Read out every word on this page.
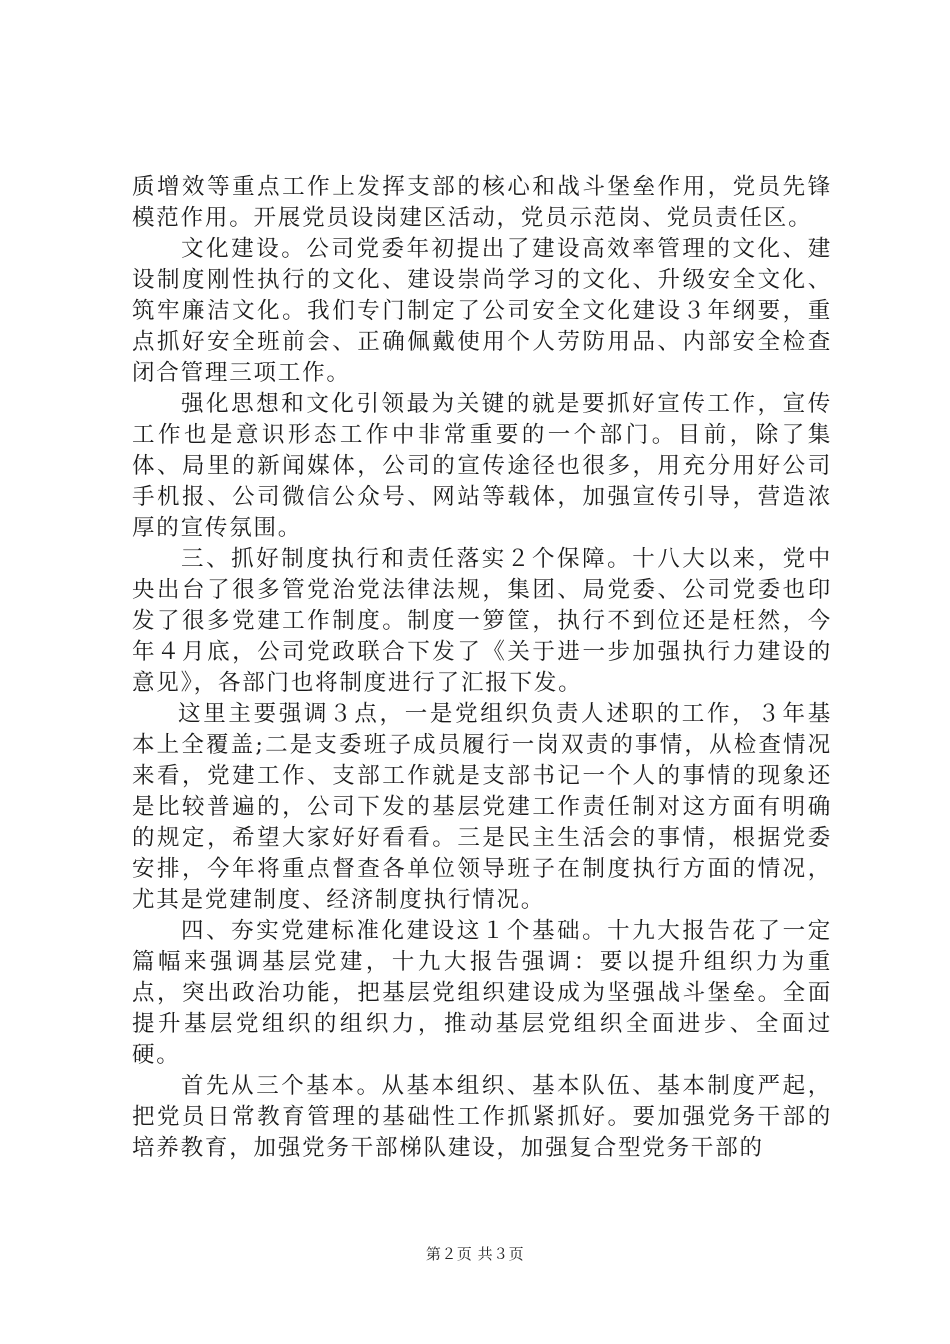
质增效等重点工作上发挥支部的核心和战斗堡垒作用，党员先锋模范作用。开展党员设岗建区活动，党员示范岗、党员责任区。

文化建设。公司党委年初提出了建设高效率管理的文化、建设制度刚性执行的文化、建设崇尚学习的文化、升级安全文化、筑牢廉洁文化。我们专门制定了公司安全文化建设３年纲要，重点抓好安全班前会、正确佩戴使用个人劳防用品、内部安全检查闭合管理三项工作。

强化思想和文化引领最为关键的就是要抓好宣传工作，宣传工作也是意识形态工作中非常重要的一个部门。目前，除了集体、局里的新闻媒体，公司的宣传途径也很多，用充分用好公司手机报、公司微信公众号、网站等载体，加强宣传引导，营造浓厚的宣传氛围。

三、抓好制度执行和责任落实２个保障。十八大以来，党中央出台了很多管党治党法律法规，集团、局党委、公司党委也印发了很多党建工作制度。制度一箩筐，执行不到位还是枉然，今年４月底，公司党政联合下发了《关于进一步加强执行力建设的意见》，各部门也将制度进行了汇报下发。

这里主要强调３点，一是党组织负责人述职的工作，３年基本上全覆盖;二是支委班子成员履行一岗双责的事情，从检查情况来看，党建工作、支部工作就是支部书记一个人的事情的现象还是比较普遍的，公司下发的基层党建工作责任制对这方面有明确的规定，希望大家好好看看。三是民主生活会的事情，根据党委安排，今年将重点督查各单位领导班子在制度执行方面的情况，尤其是党建制度、经济制度执行情况。

四、夯实党建标准化建设这１个基础。十九大报告花了一定篇幅来强调基层党建，十九大报告强调：要以提升组织力为重点，突出政治功能，把基层党组织建设成为坚强战斗堡垒。全面提升基层党组织的组织力，推动基层党组织全面进步、全面过硬。

首先从三个基本。从基本组织、基本队伍、基本制度严起，把党员日常教育管理的基础性工作抓紧抓好。要加强党务干部的培养教育，加强党务干部梯队建设，加强复合型党务干部的

第２页 共３页
